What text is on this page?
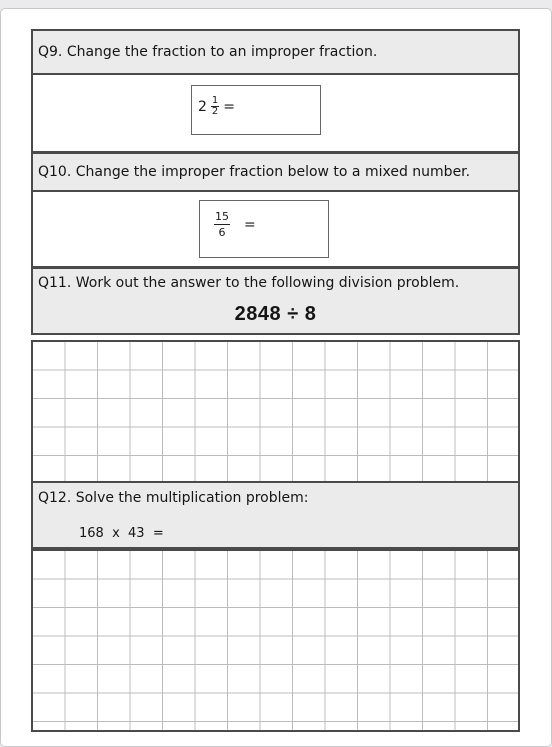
Q9. Change the fraction to an improper fraction.
$2 \frac{1}{2}$ =
Q10. Change the improper fraction below to a mixed number.
$\frac{15}{6}$ =
Q11. Work out the answer to the following division problem.
2848 ÷ 8
Q12. Solve the multiplication problem:
168  x  43  =
